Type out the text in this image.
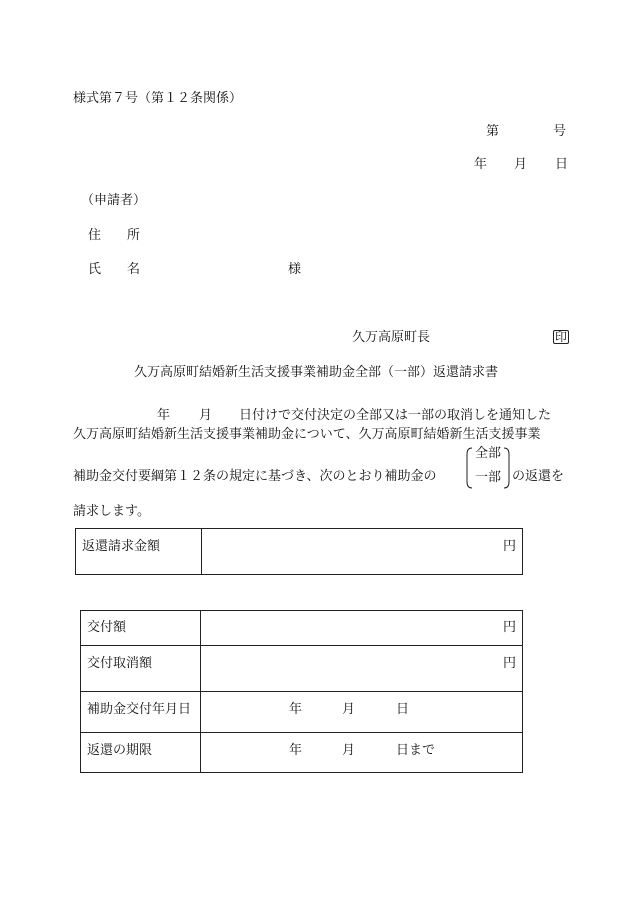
様式第７号（第１２条関係）
第	号
年 月 日
（申請者）
住　　所
氏　　名	様
久万高原町長	印
久万高原町結婚新生活支援事業補助金全部（一部）返還請求書
年 月 日付けで交付決定の全部又は一部の取消しを通知した
久万高原町結婚新生活支援事業補助金について、久万高原町結婚新生活支援事業
補助金交付要綱第１２条の規定に基づき、次のとおり補助金の
全部
一部 の返還を
請求します。
返還請求金額	円
交付額	円
交付取消額	円
補助金交付年月日	年	月	日
返還の期限	年	月	日まで
